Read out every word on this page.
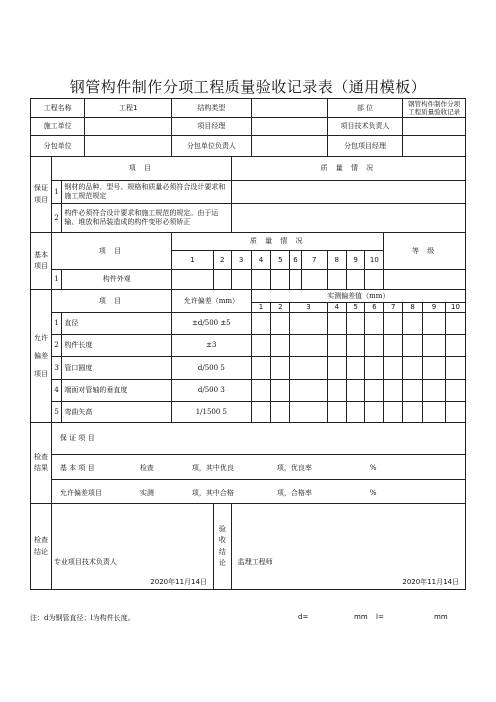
钢管构件制作分项工程质量验收记录表（通用模板）
工程名称			工程1	结构类型							部 位				钢管构件制作分项工程质量验收记录		
施工单位				项目经理							项目技术负责人						
分包单位				分包单位负责人							分包项目经理						
保证项目	项 目					质 量 情 况											
	1	钢材的品种、型号、规格和质量必须符合设计要求和施工规范规定															
	2	构件必须符合设计要求和施工规范的规定。由于运输、堆放和吊装造成的构件变形必须矫正															
基本项目	项 目			质 量 情 况										等 级			
				1	2	3	4	5	6	7	8	9	10				
	1	构件外观															
允许偏差项目	项 目			允许偏差（mm）			实测偏差值（mm）										
							1	2	3		4	5	6	7	8	9	10
	1	直径		±d/500 ±5													
	2	构件长度		±3													
	3	管口圆度		d/500 5													
	4	端面对管轴的垂直度		d/500 3													
	5	弯曲矢高		1/1500 5													
检查结果	保 证 项 目																

	基 本 项 目 检查 项，其中优良 项，优良率 %																

	允许偏差项目 实测 项，其中合格 项，合格率 %																

检查结论	专业项目技术负责人
2020年11月14日				验收结论	监理工程师
2020年11月14日											
注：d为钢管直径；l为构件长度。	d=	mm l=	mm
